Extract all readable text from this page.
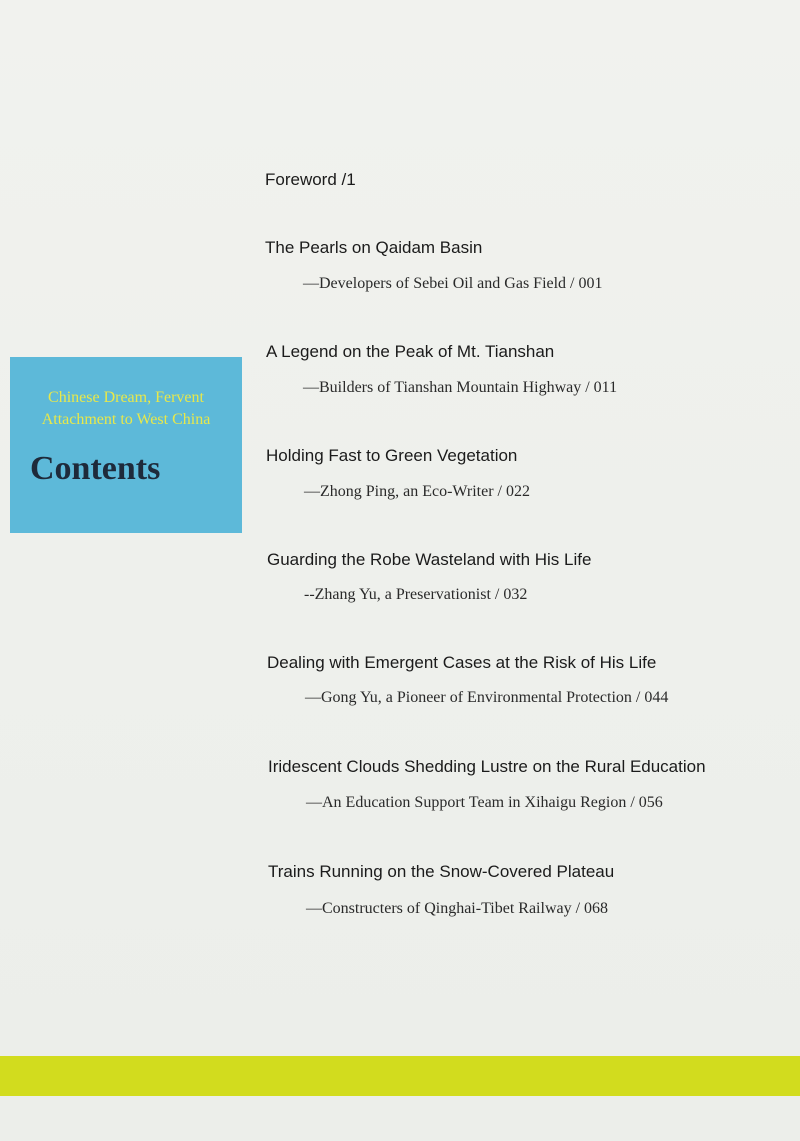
Chinese Dream, Fervent
Attachment to West China
Contents
Foreword /1
The Pearls on Qaidam Basin
—Developers of Sebei Oil and Gas Field / 001
A Legend on the Peak of Mt. Tianshan
—Builders of Tianshan Mountain Highway / 011
Holding Fast to Green Vegetation
—Zhong Ping, an Eco-Writer / 022
Guarding the Robe Wasteland with His Life
--Zhang Yu, a Preservationist / 032
Dealing with Emergent Cases at the Risk of His Life
—Gong Yu, a Pioneer of Environmental Protection / 044
Iridescent Clouds Shedding Lustre on the Rural Education
—An Education Support Team in Xihaigu Region / 056
Trains Running on the Snow-Covered Plateau
—Constructers of Qinghai-Tibet Railway / 068
